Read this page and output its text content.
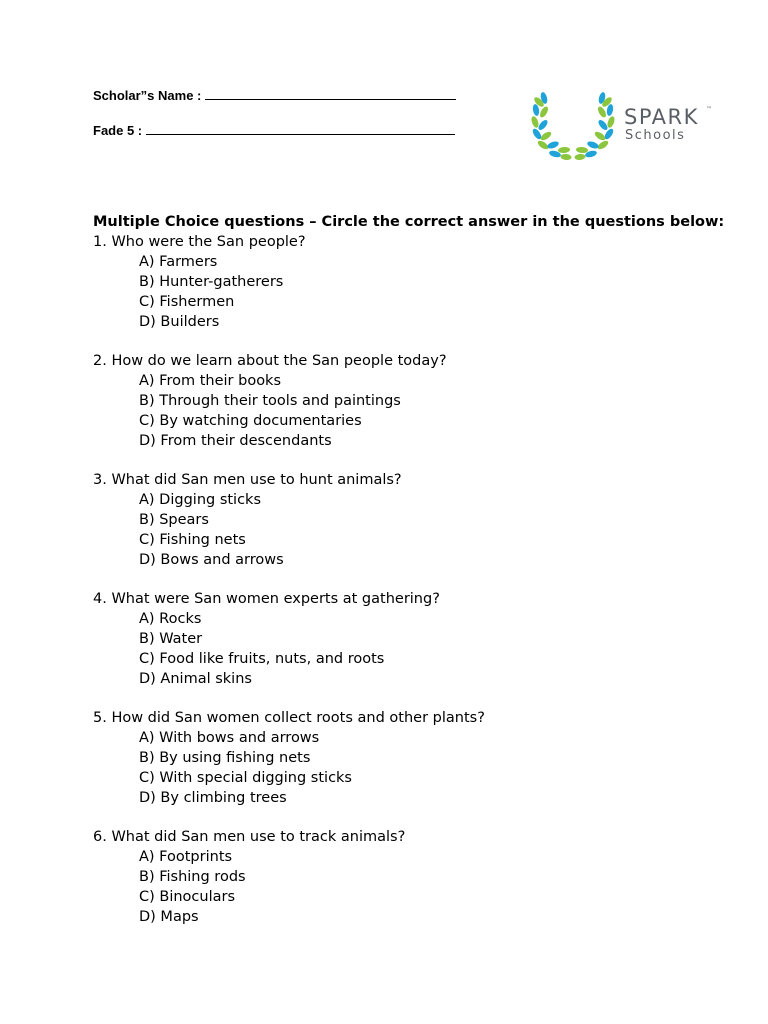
Scholar”s Name :
Fade 5 :
SPARK ™
Schools
Multiple Choice questions – Circle the correct answer in the questions below:
1. Who were the San people?
A) Farmers
B) Hunter-gatherers
C) Fishermen
D) Builders
2. How do we learn about the San people today?
A) From their books
B) Through their tools and paintings
C) By watching documentaries
D) From their descendants
3. What did San men use to hunt animals?
A) Digging sticks
B) Spears
C) Fishing nets
D) Bows and arrows
4. What were San women experts at gathering?
A) Rocks
B) Water
C) Food like fruits, nuts, and roots
D) Animal skins
5. How did San women collect roots and other plants?
A) With bows and arrows
B) By using fishing nets
C) With special digging sticks
D) By climbing trees
6. What did San men use to track animals?
A) Footprints
B) Fishing rods
C) Binoculars
D) Maps
